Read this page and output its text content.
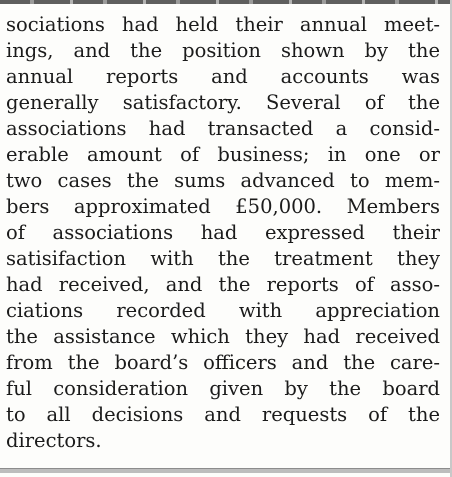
sociations had held their annual meet-
ings, and the position shown by the
annual reports and accounts was
generally satisfactory. Several of the
associations had transacted a consid-
erable amount of business; in one or
two cases the sums advanced to mem-
bers approximated £50,000. Members
of associations had expressed their
satisifaction with the treatment they
had received, and the reports of asso-
ciations recorded with appreciation
the assistance which they had received
from the board’s officers and the care-
ful consideration given by the board
to all decisions and requests of the
directors.
